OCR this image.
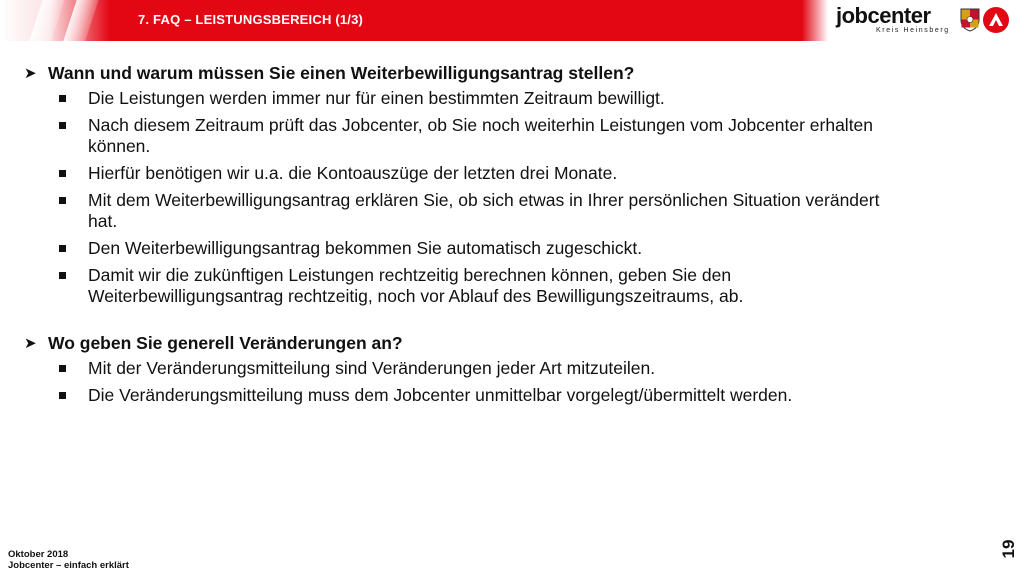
7. FAQ – LEISTUNGSBEREICH (1/3)	jobcenter
Kreis Heinsberg
➤ Wann und warum müssen Sie einen Weiterbewilligungsantrag stellen?
Die Leistungen werden immer nur für einen bestimmten Zeitraum bewilligt.
Nach diesem Zeitraum prüft das Jobcenter, ob Sie noch weiterhin Leistungen vom Jobcenter erhalten können.
Hierfür benötigen wir u.a. die Kontoauszüge der letzten drei Monate.
Mit dem Weiterbewilligungsantrag erklären Sie, ob sich etwas in Ihrer persönlichen Situation verändert hat.
Den Weiterbewilligungsantrag bekommen Sie automatisch zugeschickt.
Damit wir die zukünftigen Leistungen rechtzeitig berechnen können, geben Sie den Weiterbewilligungsantrag rechtzeitig, noch vor Ablauf des Bewilligungszeitraums, ab.
➤ Wo geben Sie generell Veränderungen an?
Mit der Veränderungsmitteilung sind Veränderungen jeder Art mitzuteilen.
Die Veränderungsmitteilung muss dem Jobcenter unmittelbar vorgelegt/übermittelt werden.
Oktober 2018
Jobcenter – einfach erklärt
19
